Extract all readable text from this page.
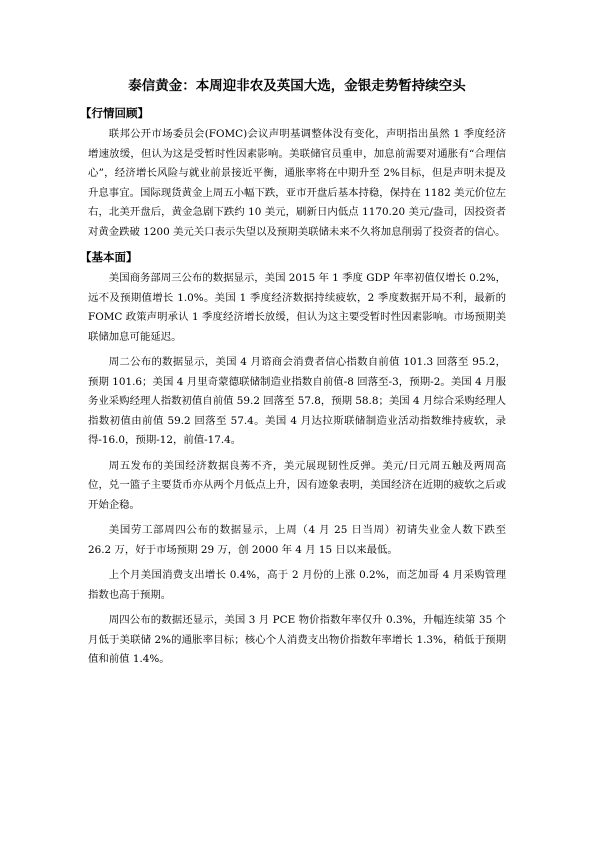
泰信黄金：本周迎非农及英国大选，金银走势暂持续空头
【行情回顾】

联邦公开市场委员会(FOMC)会议声明基调整体没有变化，声明指出虽然 1 季度经济增速放缓，但认为这是受暂时性因素影响。美联储官员重申，加息前需要对通胀有“合理信心”，经济增长风险与就业前景接近平衡，通胀率将在中期升至 2%目标，但是声明未提及升息事宜。国际现货黄金上周五小幅下跌，亚市开盘后基本持稳，保持在 1182 美元价位左右，北美开盘后，黄金急剧下跌约 10 美元，刷新日内低点 1170.20 美元/盎司，因投资者对黄金跌破 1200 美元关口表示失望以及预期美联储未来不久将加息削弱了投资者的信心。

【基本面】

美国商务部周三公布的数据显示，美国 2015 年 1 季度 GDP 年率初值仅增长 0.2%，远不及预期值增长 1.0%。美国 1 季度经济数据持续疲软，2 季度数据开局不利，最新的 FOMC 政策声明承认 1 季度经济增长放缓，但认为这主要受暂时性因素影响。市场预期美联储加息可能延迟。

周二公布的数据显示，美国 4 月谘商会消费者信心指数自前值 101.3 回落至 95.2，预期 101.6；美国 4 月里奇蒙德联储制造业指数自前值-8 回落至-3，预期-2。美国 4 月服务业采购经理人指数初值自前值 59.2 回落至 57.8，预期 58.8；美国 4 月综合采购经理人指数初值由前值 59.2 回落至 57.4。美国 4 月达拉斯联储制造业活动指数维持疲软，录得-16.0，预期-12，前值-17.4。

周五发布的美国经济数据良莠不齐，美元展现韧性反弹。美元/日元周五触及两周高位，兑一篮子主要货币亦从两个月低点上升，因有迹象表明，美国经济在近期的疲软之后或开始企稳。

美国劳工部周四公布的数据显示，上周（4 月 25 日当周）初请失业金人数下跌至 26.2 万，好于市场预期 29 万，创 2000 年 4 月 15 日以来最低。

上个月美国消费支出增长 0.4%，高于 2 月份的上涨 0.2%，而芝加哥 4 月采购管理指数也高于预期。

周四公布的数据还显示，美国 3 月 PCE 物价指数年率仅升 0.3%，升幅连续第 35 个月低于美联储 2%的通胀率目标；核心个人消费支出物价指数年率增长 1.3%，稍低于预期值和前值 1.4%。
